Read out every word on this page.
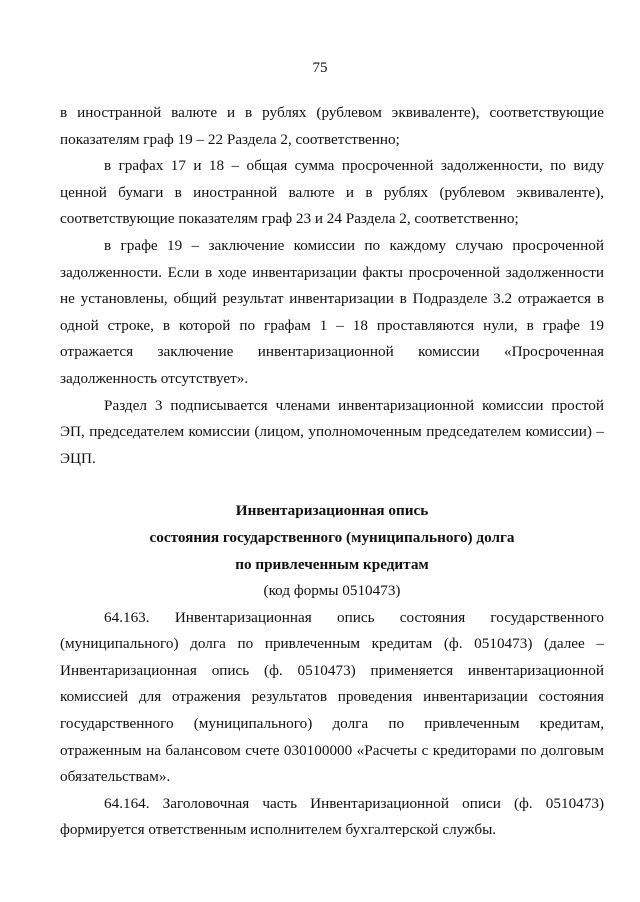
75

в иностранной валюте и в рублях (рублевом эквиваленте), соответствующие показателям граф 19 – 22 Раздела 2, соответственно;

в графах 17 и 18 – общая сумма просроченной задолженности, по виду ценной бумаги в иностранной валюте и в рублях (рублевом эквиваленте), соответствующие показателям граф 23 и 24 Раздела 2, соответственно;

в графе 19 – заключение комиссии по каждому случаю просроченной задолженности. Если в ходе инвентаризации факты просроченной задолженности не установлены, общий результат инвентаризации в Подразделе 3.2 отражается в одной строке, в которой по графам 1 – 18 проставляются нули, в графе 19 отражается заключение инвентаризационной комиссии «Просроченная задолженность отсутствует».

Раздел 3 подписывается членами инвентаризационной комиссии простой ЭП, председателем комиссии (лицом, уполномоченным председателем комиссии) – ЭЦП.

Инвентаризационная опись
состояния государственного (муниципального) долга
по привлеченным кредитам
(код формы 0510473)

64.163. Инвентаризационная опись состояния государственного (муниципального) долга по привлеченным кредитам (ф. 0510473) (далее – Инвентаризационная опись (ф. 0510473) применяется инвентаризационной комиссией для отражения результатов проведения инвентаризации состояния государственного (муниципального) долга по привлеченным кредитам, отраженным на балансовом счете 030100000 «Расчеты с кредиторами по долговым обязательствам».

64.164. Заголовочная часть Инвентаризационной описи (ф. 0510473) формируется ответственным исполнителем бухгалтерской службы.
